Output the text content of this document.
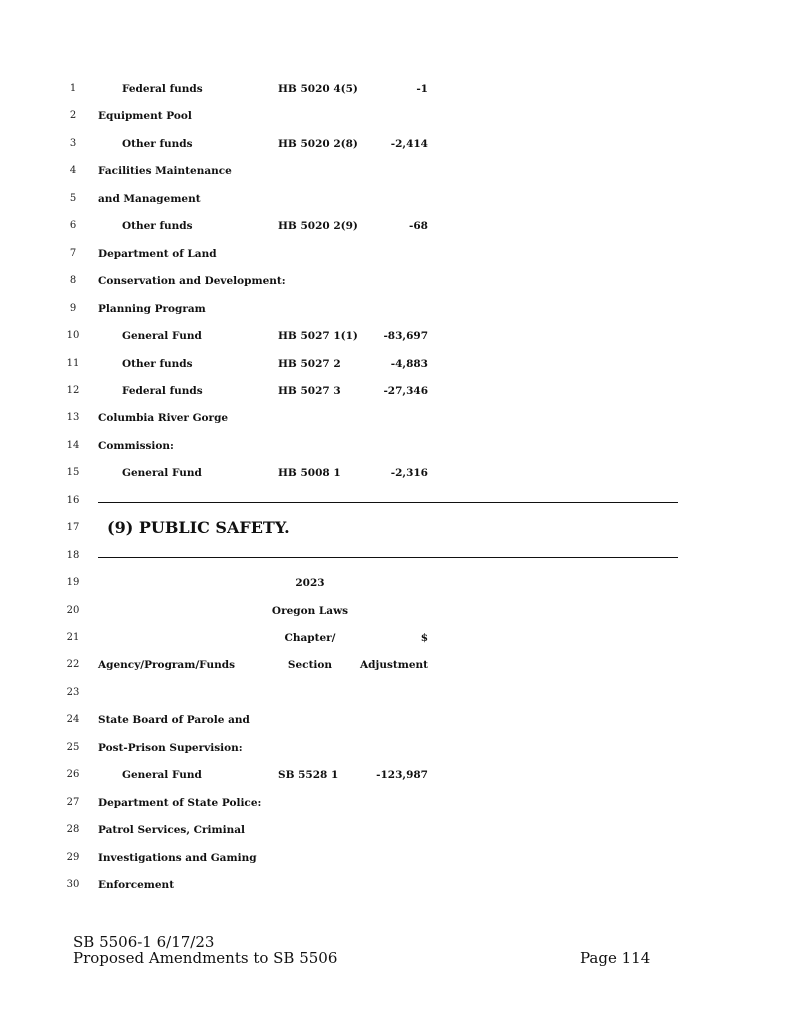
SB 5506-1 6/17/23
Proposed Amendments to SB 5506	Page 114
1	Federal funds	HB 5020 4(5)	-1
2	Equipment Pool
3	Other funds	HB 5020 2(8)	-2,414
4	Facilities Maintenance
5	and Management
6	Other funds	HB 5020 2(9)	-68
7	Department of Land
8	Conservation and Development:
9	Planning Program
10	General Fund	HB 5027 1(1)	-83,697
11	Other funds	HB 5027 2	-4,883
12	Federal funds	HB 5027 3	-27,346
13	Columbia River Gorge
14	Commission:
15	General Fund	HB 5008 1	-2,316
16
17	(9) PUBLIC SAFETY.
18
19	2023
20	Oregon Laws
21	Chapter/	$
22	Agency/Program/Funds	Section	Adjustment
23
24	State Board of Parole and
25	Post-Prison Supervision:
26	General Fund	SB 5528 1	-123,987
27	Department of State Police:
28	Patrol Services, Criminal
29	Investigations and Gaming
30	Enforcement
